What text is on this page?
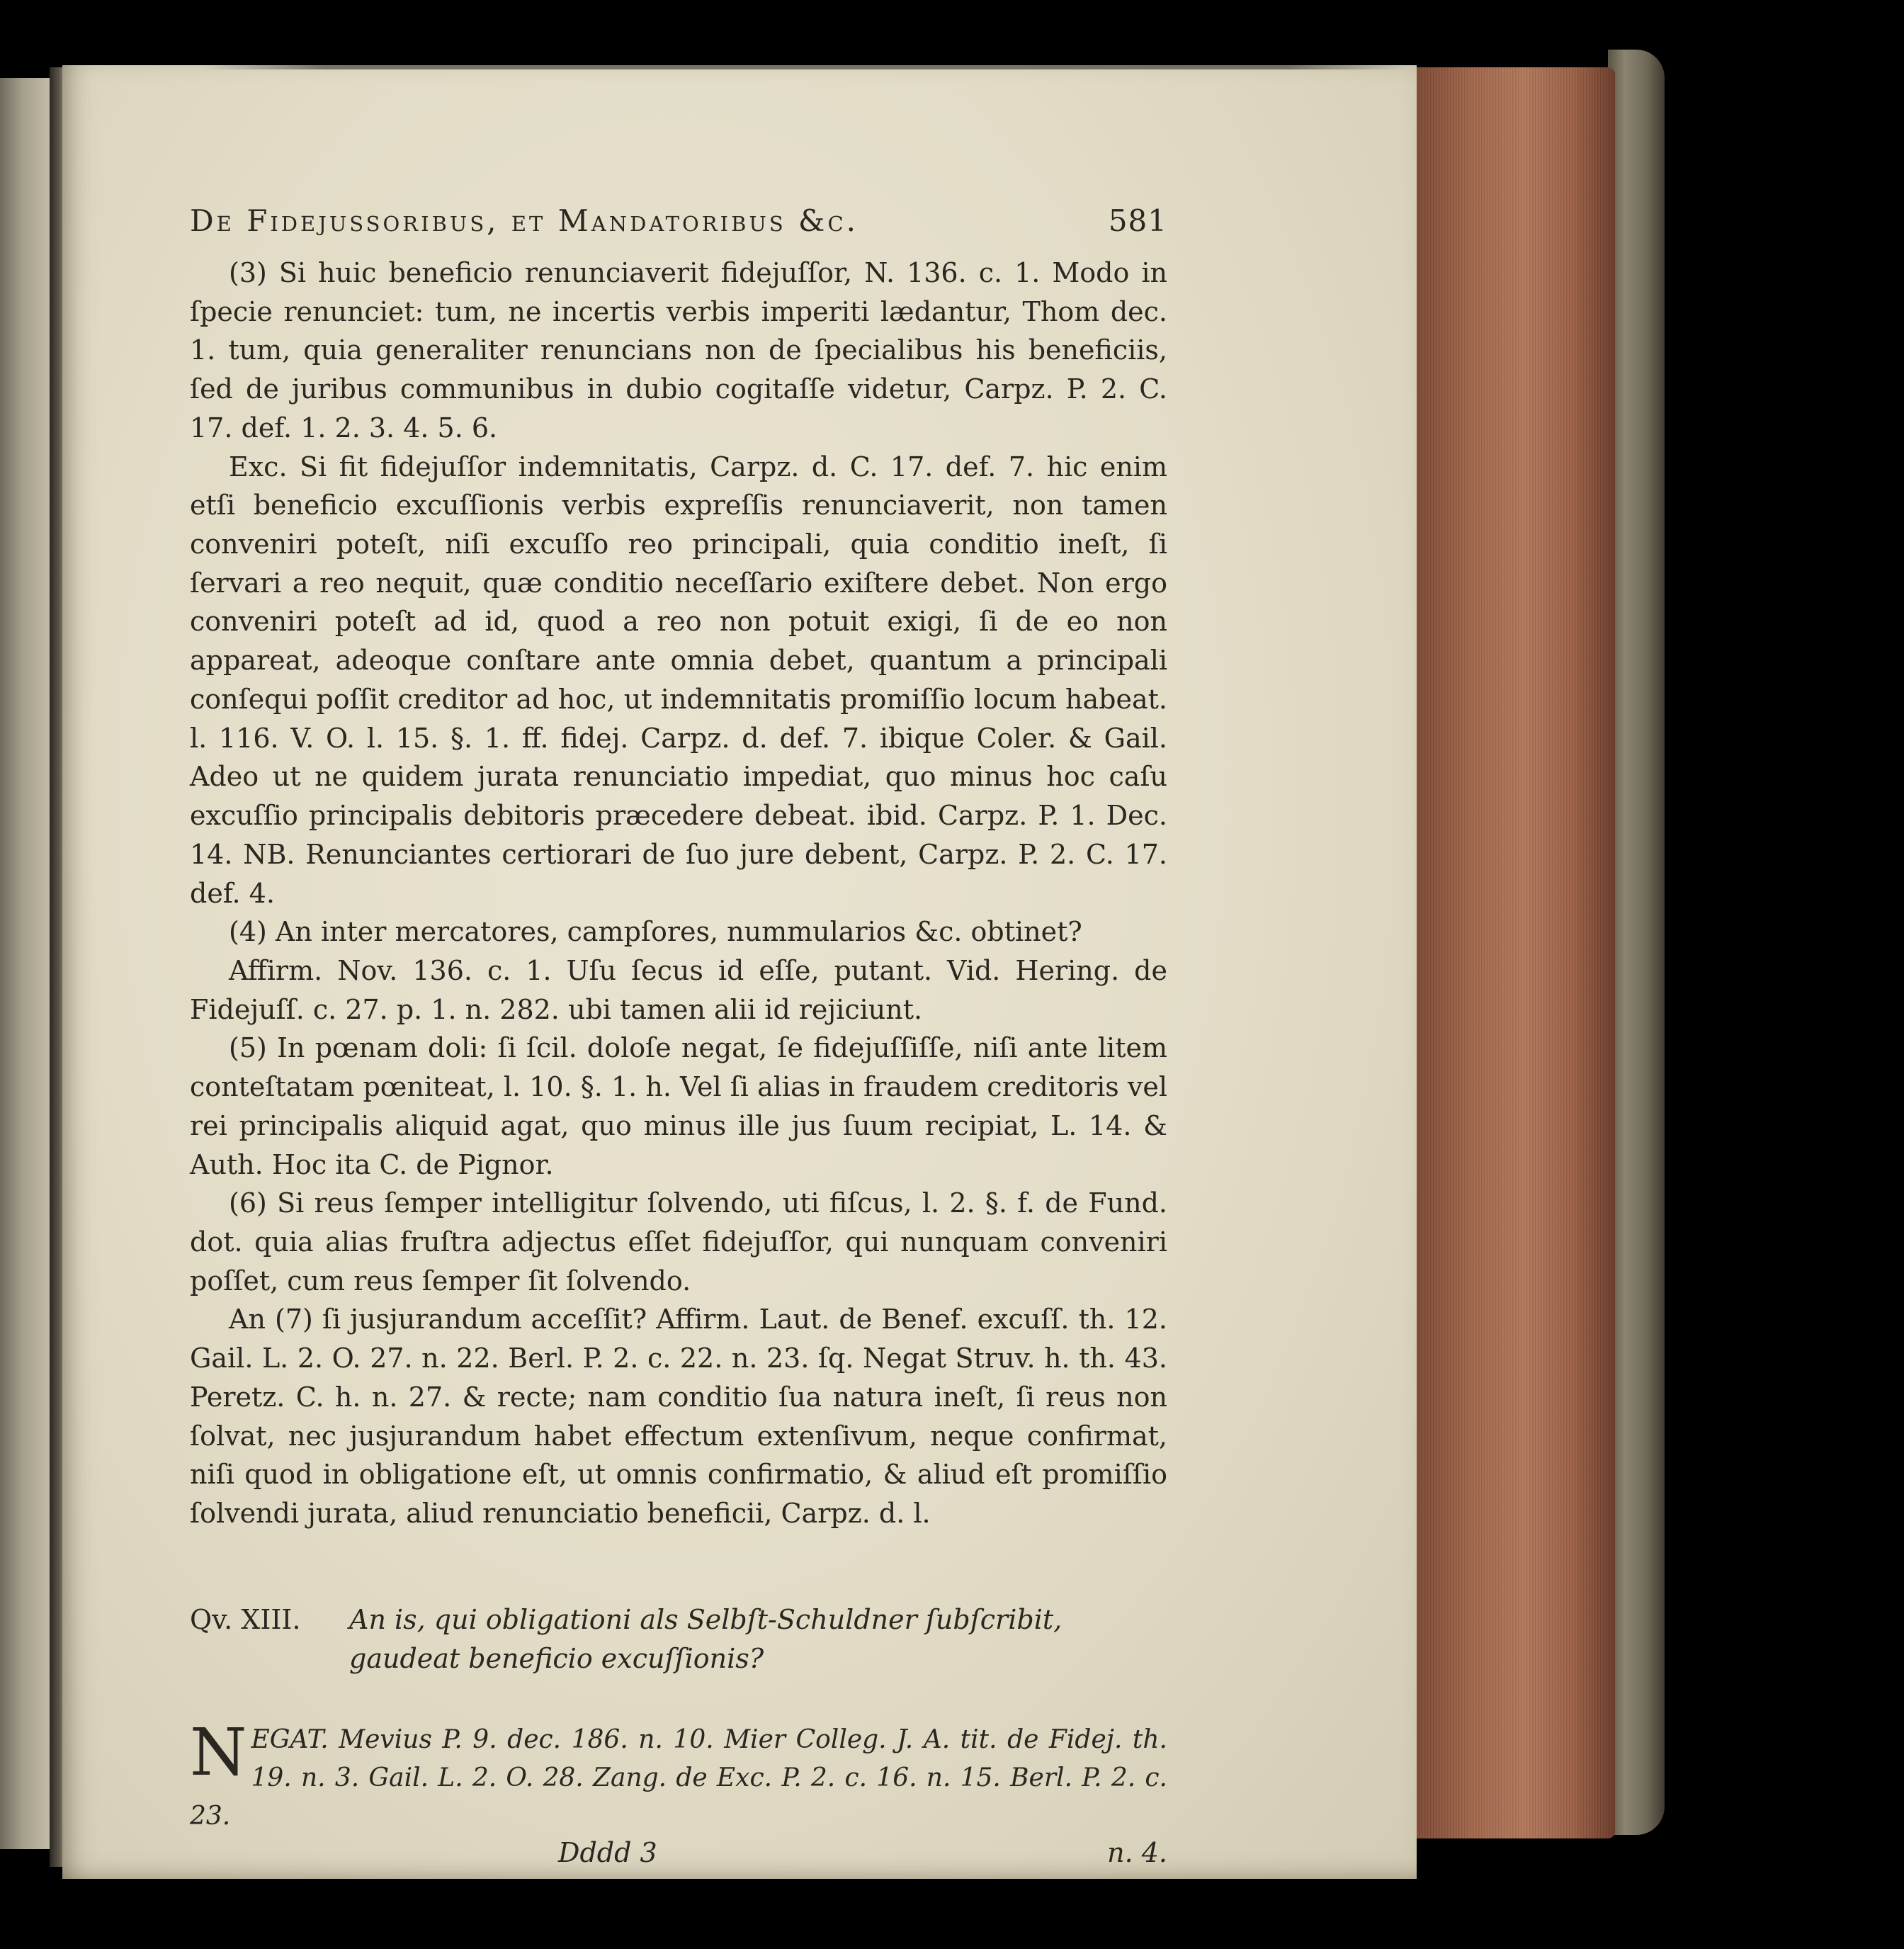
De Fidejussoribus, et Mandatoribus &c.	581

(3) Si huic beneficio renunciaverit fidejuſſor, N. 136. c. 1. Modo in ſpecie renunciet: tum, ne incertis verbis imperiti lædantur, Thom dec. 1. tum, quia generaliter renuncians non de ſpecialibus his beneficiis, ſed de juribus communibus in dubio cogitaſſe videtur, Carpz. P. 2. C. 17. def. 1. 2. 3. 4. 5. 6.

Exc. Si fit fidejuſſor indemnitatis, Carpz. d. C. 17. def. 7. hic enim etſi beneficio excuſſionis verbis expreſſis renunciaverit, non tamen conveniri poteſt, niſi excuſſo reo principali, quia conditio ineſt, ſi ſervari a reo nequit, quæ conditio neceſſario exiſtere debet. Non ergo conveniri poteſt ad id, quod a reo non potuit exigi, ſi de eo non appareat, adeoque conſtare ante omnia debet, quantum a principali conſequi poſſit creditor ad hoc, ut indemnitatis promiſſio locum habeat. l. 116. V. O. l. 15. §. 1. ff. fidej. Carpz. d. def. 7. ibique Coler. & Gail. Adeo ut ne quidem jurata renunciatio impediat, quo minus hoc caſu excuſſio principalis debitoris præcedere debeat. ibid. Carpz. P. 1. Dec. 14. NB. Renunciantes certiorari de ſuo jure debent, Carpz. P. 2. C. 17. def. 4.

(4) An inter mercatores, campſores, nummularios &c. obtinet?

Affirm. Nov. 136. c. 1. Uſu ſecus id eſſe, putant. Vid. Hering. de Fidejuſſ. c. 27. p. 1. n. 282. ubi tamen alii id rejiciunt.

(5) In pœnam doli: ſi ſcil. doloſe negat, ſe fidejuſſiſſe, niſi ante litem conteſtatam pœniteat, l. 10. §. 1. h. Vel ſi alias in fraudem creditoris vel rei principalis aliquid agat, quo minus ille jus ſuum recipiat, L. 14. & Auth. Hoc ita C. de Pignor.

(6) Si reus ſemper intelligitur ſolvendo, uti fiſcus, l. 2. §. f. de Fund. dot. quia alias fruſtra adjectus eſſet fidejuſſor, qui nunquam conveniri poſſet, cum reus ſemper ſit ſolvendo.

An (7) ſi jusjurandum acceſſit? Affirm. Laut. de Benef. excuſſ. th. 12. Gail. L. 2. O. 27. n. 22. Berl. P. 2. c. 22. n. 23. ſq. Negat Struv. h. th. 43. Peretz. C. h. n. 27. & recte; nam conditio ſua natura ineſt, ſi reus non ſolvat, nec jusjurandum habet effectum extenſivum, neque confirmat, niſi quod in obligatione eſt, ut omnis confirmatio, & aliud eſt promiſſio ſolvendi jurata, aliud renunciatio beneficii, Carpz. d. l.

Qv. XIII.	An is, qui obligationi als Selbſt-Schuldner ſubſcribit, gaudeat beneficio excuſſionis?
N EGAT. Mevius P. 9. dec. 186. n. 10. Mier Colleg. J. A. tit. de Fidej. th. 19. n. 3. Gail. L. 2. O. 28. Zang. de Exc. P. 2. c. 16. n. 15. Berl. P. 2. c. 23.
Dddd 3	n. 4.
